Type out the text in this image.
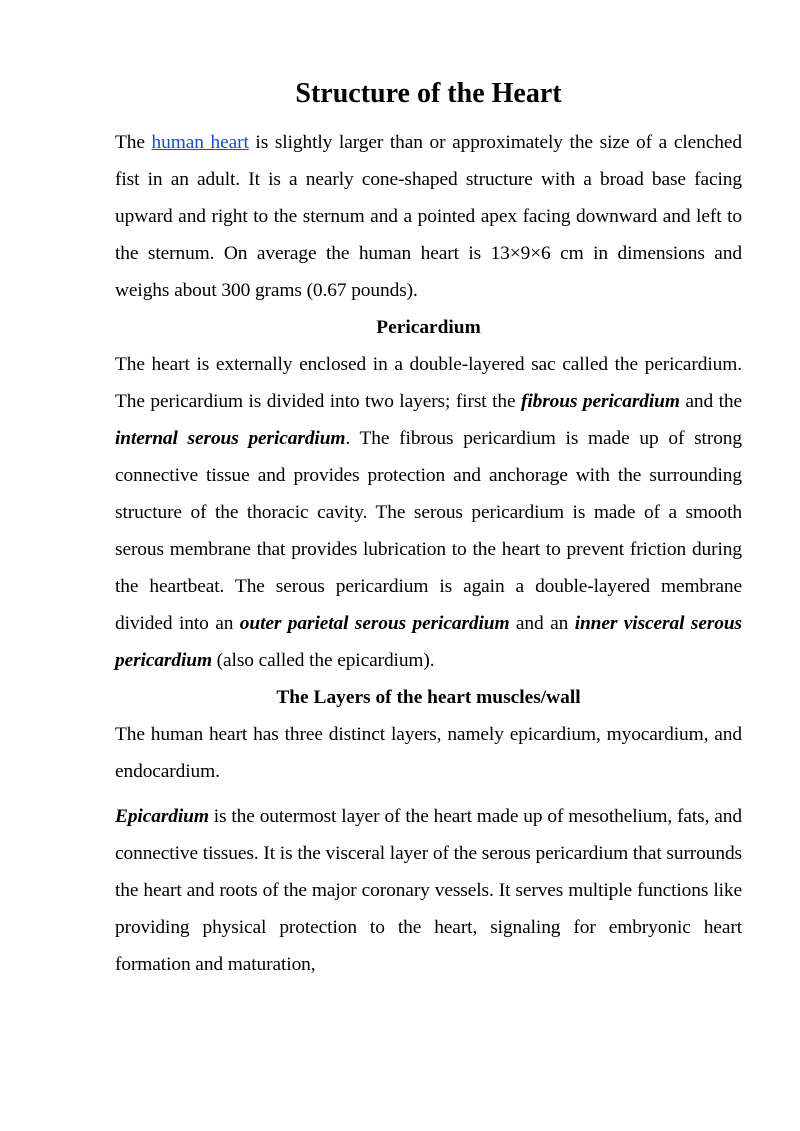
Structure of the Heart

The human heart is slightly larger than or approximately the size of a clenched fist in an adult. It is a nearly cone-shaped structure with a broad base facing upward and right to the sternum and a pointed apex facing downward and left to the sternum. On average the human heart is 13×9×6 cm in dimensions and weighs about 300 grams (0.67 pounds).

Pericardium

The heart is externally enclosed in a double-layered sac called the pericardium. The pericardium is divided into two layers; first the fibrous pericardium and the internal serous pericardium. The fibrous pericardium is made up of strong connective tissue and provides protection and anchorage with the surrounding structure of the thoracic cavity. The serous pericardium is made of a smooth serous membrane that provides lubrication to the heart to prevent friction during the heartbeat. The serous pericardium is again a double-layered membrane divided into an outer parietal serous pericardium and an inner visceral serous pericardium (also called the epicardium).

The Layers of the heart muscles/wall

The human heart has three distinct layers, namely epicardium, myocardium, and endocardium.

Epicardium is the outermost layer of the heart made up of mesothelium, fats, and connective tissues. It is the visceral layer of the serous pericardium that surrounds the heart and roots of the major coronary vessels. It serves multiple functions like providing physical protection to the heart, signaling for embryonic heart formation and maturation,
